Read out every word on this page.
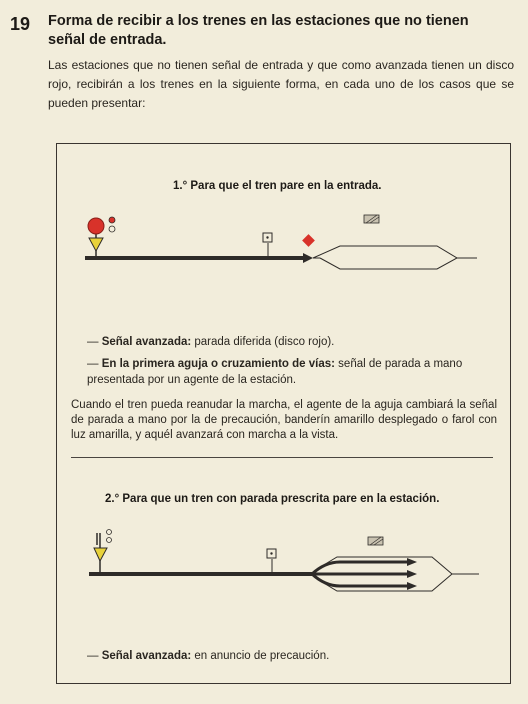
19 Forma de recibir a los trenes en las estaciones que no tienen señal de entrada.

Las estaciones que no tienen señal de entrada y que como avanzada tienen un disco rojo, recibirán a los trenes en la siguiente forma, en cada uno de los casos que se pueden presentar:

1.° Para que el tren pare en la entrada.

— Señal avanzada: parada diferida (disco rojo).

— En la primera aguja o cruzamiento de vías: señal de parada a mano presentada por un agente de la estación.

Cuando el tren pueda reanudar la marcha, el agente de la aguja cambiará la señal de parada a mano por la de precaución, banderín amarillo desplegado o farol con luz amarilla, y aquél avanzará con marcha a la vista.

2.° Para que un tren con parada prescrita pare en la estación.

— Señal avanzada: en anuncio de precaución.
